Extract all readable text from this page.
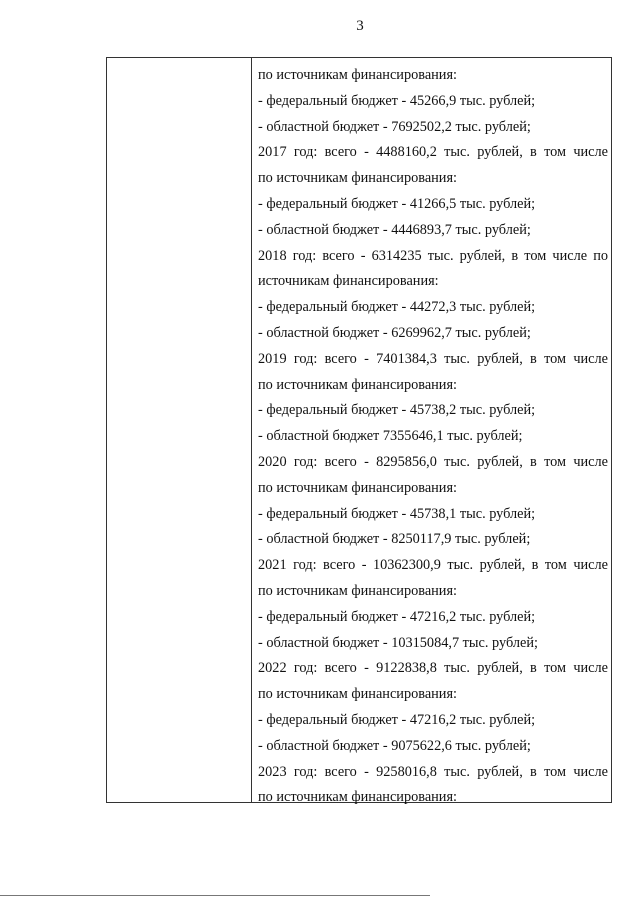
3
по источникам финансирования:
- федеральный бюджет - 45266,9 тыс. рублей;
- областной бюджет - 7692502,2 тыс. рублей;
2017 год: всего - 4488160,2 тыс. рублей, в том числе
по источникам финансирования:
- федеральный бюджет - 41266,5 тыс. рублей;
- областной бюджет - 4446893,7 тыс. рублей;
2018 год: всего - 6314235 тыс. рублей, в том числе по
источникам финансирования:
- федеральный бюджет - 44272,3 тыс. рублей;
- областной бюджет - 6269962,7 тыс. рублей;
2019 год: всего - 7401384,3 тыс. рублей, в том числе
по источникам финансирования:
- федеральный бюджет - 45738,2 тыс. рублей;
- областной бюджет 7355646,1 тыс. рублей;
2020 год: всего - 8295856,0 тыс. рублей, в том числе
по источникам финансирования:
- федеральный бюджет - 45738,1 тыс. рублей;
- областной бюджет - 8250117,9 тыс. рублей;
2021 год: всего - 10362300,9 тыс. рублей, в том числе
по источникам финансирования:
- федеральный бюджет - 47216,2 тыс. рублей;
- областной бюджет - 10315084,7 тыс. рублей;
2022 год: всего - 9122838,8 тыс. рублей, в том числе
по источникам финансирования:
- федеральный бюджет - 47216,2 тыс. рублей;
- областной бюджет - 9075622,6 тыс. рублей;
2023 год: всего - 9258016,8 тыс. рублей, в том числе
по источникам финансирования:
